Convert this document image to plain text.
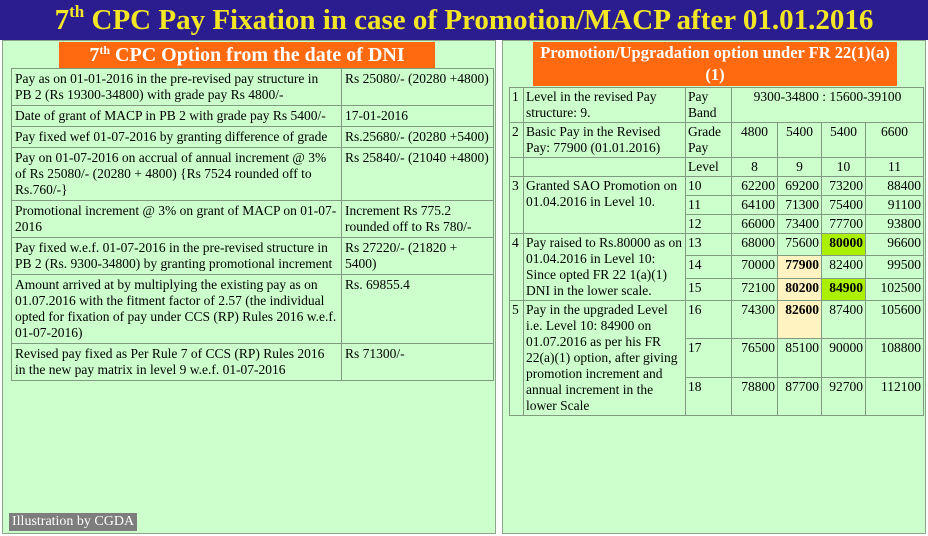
7th CPC Pay Fixation in case of Promotion/MACP after 01.01.2016
7th CPC Option from the date of DNI
Pay as on 01-01-2016 in the pre-revised pay structure in PB 2 (Rs 19300-34800) with grade pay Rs 4800/-	Rs 25080/- (20280 +4800)
Date of grant of MACP in PB 2 with grade pay Rs 5400/-	17-01-2016
Pay fixed wef 01-07-2016 by granting difference of grade	Rs.25680/- (20280 +5400)
Pay on 01-07-2016 on accrual of annual increment @ 3% of Rs 25080/- (20280 + 4800) {Rs 7524 rounded off to Rs.760/-}	Rs 25840/- (21040 +4800)
Promotional increment @ 3% on grant of MACP on 01-07-2016	Increment Rs 775.2 rounded off to Rs 780/-
Pay fixed w.e.f. 01-07-2016 in the pre-revised structure in PB 2 (Rs. 9300-34800) by granting promotional increment	Rs 27220/- (21820 + 5400)
Amount arrived at by multiplying the existing pay as on 01.07.2016 with the fitment factor of 2.57 (the individual opted for fixation of pay under CCS (RP) Rules 2016 w.e.f. 01-07-2016)	Rs. 69855.4
Revised pay fixed as Per Rule 7 of CCS (RP) Rules 2016 in the new pay matrix in level 9 w.e.f. 01-07-2016	Rs 71300/-
Illustration by CGDA
Promotion/Upgradation option under FR 22(1)(a)(1)
1	Level in the revised Pay structure: 9.	Pay Band	9300-34800 : 15600-39100			
2	Basic Pay in the Revised Pay: 77900 (01.01.2016)	Grade Pay	4800	5400	5400	6600
		Level	8	9	10	11
3	Granted SAO Promotion on 01.04.2016 in Level 10.	10	62200	69200	73200	88400
		11	64100	71300	75400	91100
		12	66000	73400	77700	93800
4	Pay raised to Rs.80000 as on 01.04.2016 in Level 10: Since opted FR 22 1(a)(1) DNI in the lower scale.	13	68000	75600	80000	96600
		14	70000	77900	82400	99500
		15	72100	80200	84900	102500
5	Pay in the upgraded Level i.e. Level 10: 84900 on 01.07.2016 as per his FR 22(a)(1) option, after giving promotion increment and annual increment in the lower Scale	16	74300	82600	87400	105600
		17	76500	85100	90000	108800
		18	78800	87700	92700	112100
